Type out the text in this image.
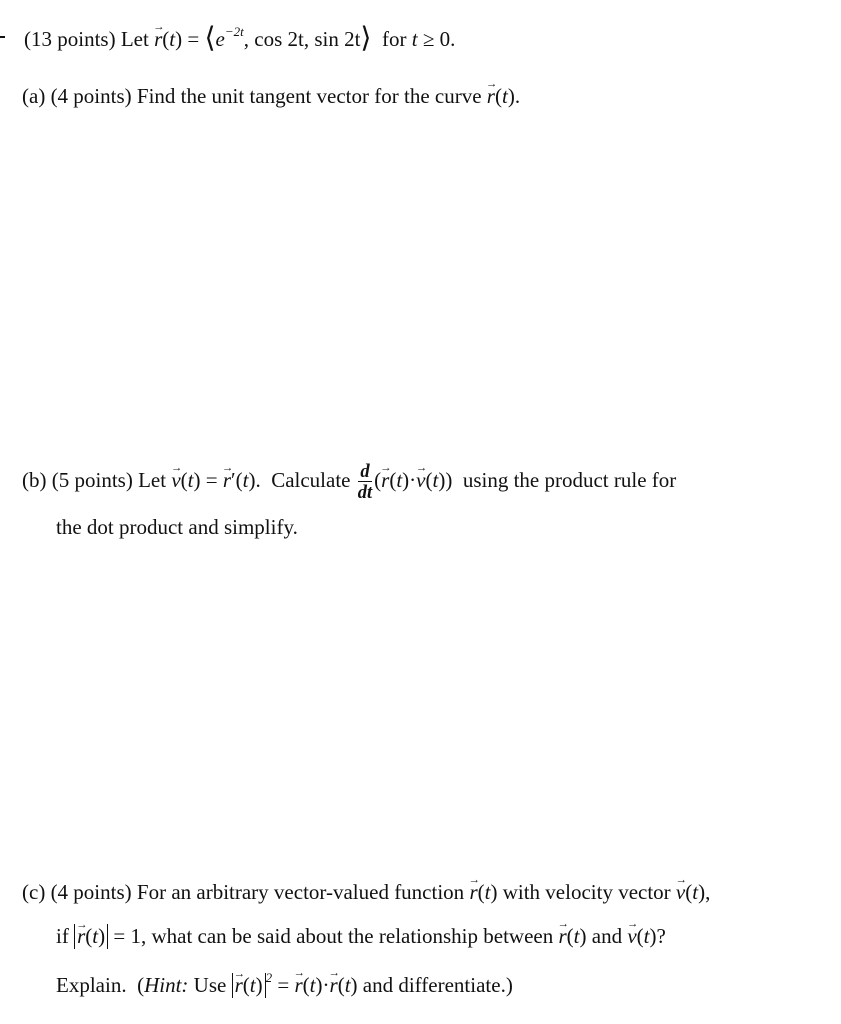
(13 points) Let → $r(t) = ⟨e^{-2t}$, cos 2t, sin 2t⟩ for t ≥ 0.
(a) (4 points) Find the unit tangent vector for the curve → r(t).
(b) (5 points) Let → v(t) = → r′(t).  Calculate $\frac{d}{dt}$ (→ r(t)·→ v(t))  using the product rule for
the dot product and simplify.
(c) (4 points) For an arbitrary vector-valued function → r(t) with velocity vector → v(t),
if → r(t) = 1, what can be said about the relationship between → r(t) and → v(t)?
Explain.  (Hint: Use → r(t) $^2$ = → r(t)·→ r(t) and differentiate.)
